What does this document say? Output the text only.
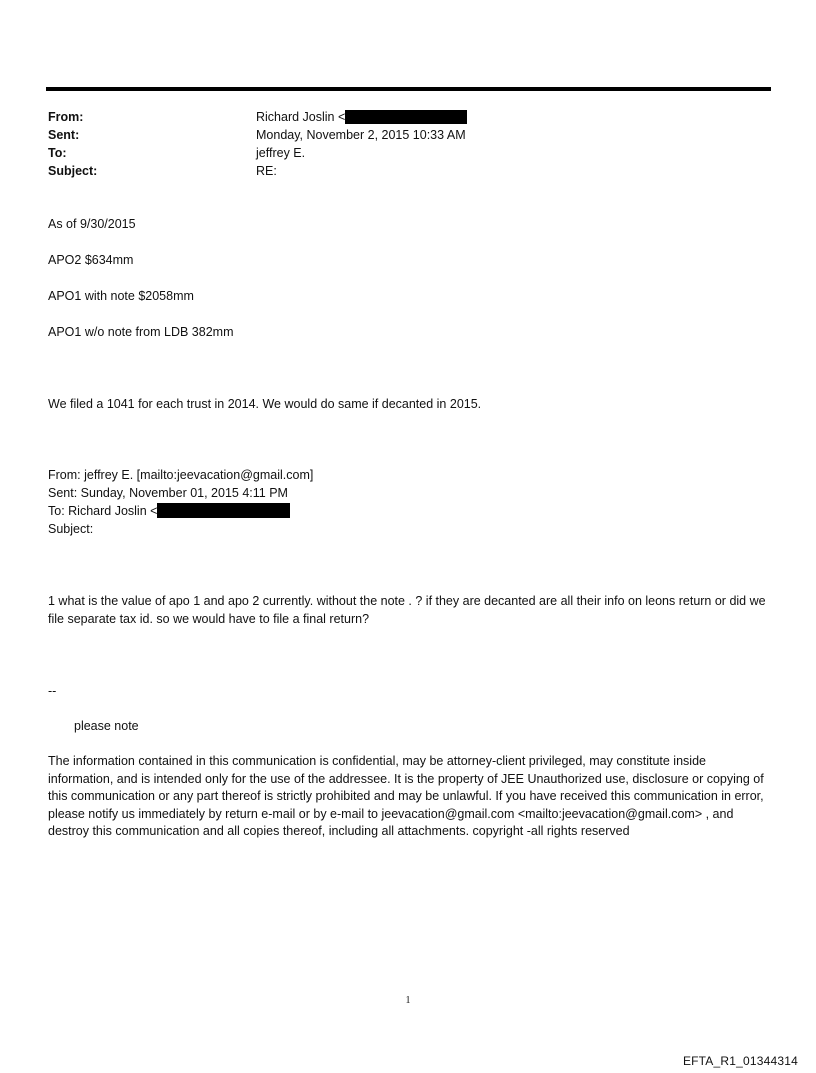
From:	Richard Joslin <
Sent:	Monday, November 2, 2015 10:33 AM
To:	jeffrey E.
Subject:	RE:

As of 9/30/2015

APO2 $634mm

APO1 with note $2058mm

APO1 w/o note from LDB 382mm

We filed a 1041 for each trust in 2014. We would do same if decanted in 2015.

From: jeffrey E. [mailto:jeevacation@gmail.com]
Sent: Sunday, November 01, 2015 4:11 PM
To: Richard Joslin <
Subject:

1 what is the value of apo 1 and apo 2 currently. without the note . ? if they are decanted are all their info on leons return or did we file separate tax id. so we would have to file a final return?

--

please note

The information contained in this communication is confidential, may be attorney-client privileged, may constitute inside information, and is intended only for the use of the addressee. It is the property of JEE Unauthorized use, disclosure or copying of this communication or any part thereof is strictly prohibited and may be unlawful. If you have received this communication in error, please notify us immediately by return e-mail or by e-mail to jeevacation@gmail.com <mailto:jeevacation@gmail.com> , and destroy this communication and all copies thereof, including all attachments. copyright -all rights reserved

1
EFTA_R1_01344314
